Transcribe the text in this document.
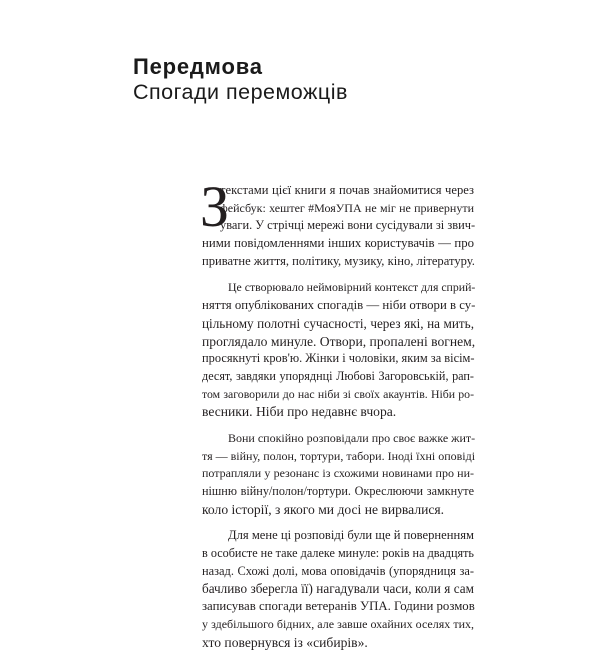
Передмова
Спогади переможців
З
текстами цієї книги я почав знайомитися через
фейсбук: хештег #МояУПА не міг не привернути
уваги. У стрічці мережі вони сусідували зі звич-
ними повідомленнями інших користувачів — про
приватне життя, політику, музику, кіно, літературу.
Це створювало неймовірний контекст для сприй-
няття опублікованих спогадів — ніби отвори в су-
цільному полотні сучасності, через які, на мить,
проглядало минуле. Отвори, пропалені вогнем,
просякнуті кров'ю. Жінки і чоловіки, яким за вісім-
десят, завдяки упоряднці Любові Загоровській, рап-
том заговорили до нас ніби зі своїх акаунтів. Ніби ро-
весники. Ніби про недавнє вчора.
Вони спокійно розповідали про своє важке жит-
тя — війну, полон, тортури, табори. Іноді їхні оповіді
потрапляли у резонанс із схожими новинами про ни-
нішню війну/полон/тортури. Окреслюючи замкнуте
коло історії, з якого ми досі не вирвалися.
Для мене ці розповіді були ще й поверненням
в особисте не таке далеке минуле: років на двадцять
назад. Схожі долі, мова оповідачів (упорядниця за-
бачливо зберегла її) нагадували часи, коли я сам
записував спогади ветеранів УПА. Години розмов
у здебільшого бідних, але завше охайних оселях тих,
хто повернувся із «сибирів».
